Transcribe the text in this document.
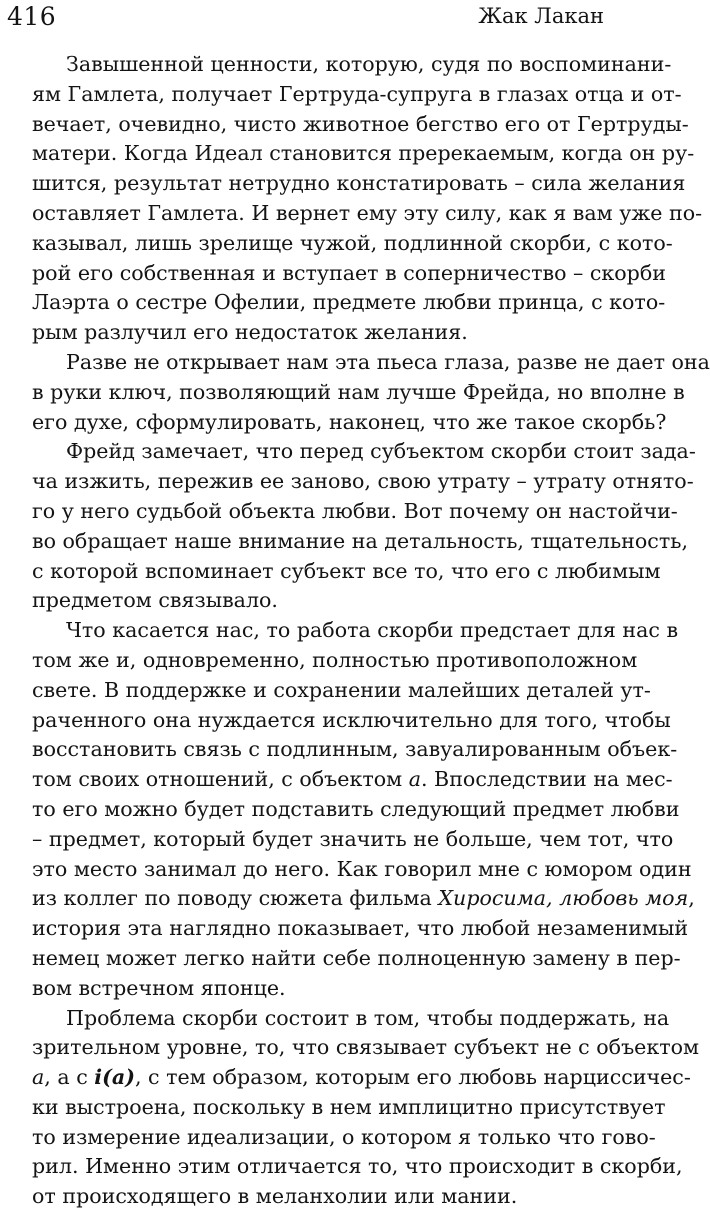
416	Жак Лакан
Завышенной ценности, которую, судя по воспоминани-
ям Гамлета, получает Гертруда-супруга в глазах отца и от-
вечает, очевидно, чисто животное бегство его от Гертруды-
матери. Когда Идеал становится пререкаемым, когда он ру-
шится, результат нетрудно констатировать – сила желания
оставляет Гамлета. И вернет ему эту силу, как я вам уже по-
казывал, лишь зрелище чужой, подлинной скорби, с кото-
рой его собственная и вступает в соперничество – скорби
Лаэрта о сестре Офелии, предмете любви принца, с кото-
рым разлучил его недостаток желания.
Разве не открывает нам эта пьеса глаза, разве не дает она
в руки ключ, позволяющий нам лучше Фрейда, но вполне в
его духе, сформулировать, наконец, что же такое скорбь?
Фрейд замечает, что перед субъектом скорби стоит зада-
ча изжить, пережив ее заново, свою утрату – утрату отнято-
го у него судьбой объекта любви. Вот почему он настойчи-
во обращает наше внимание на детальность, тщательность,
с которой вспоминает субъект все то, что его с любимым
предметом связывало.
Что касается нас, то работа скорби предстает для нас в
том же и, одновременно, полностью противоположном
свете. В поддержке и сохранении малейших деталей ут-
раченного она нуждается исключительно для того, чтобы
восстановить связь с подлинным, завуалированным объек-
том своих отношений, с объектом а. Впоследствии на мес-
то его можно будет подставить следующий предмет любви
– предмет, который будет значить не больше, чем тот, что
это место занимал до него. Как говорил мне с юмором один
из коллег по поводу сюжета фильма Хиросима, любовь моя,
история эта наглядно показывает, что любой незаменимый
немец может легко найти себе полноценную замену в пер-
вом встречном японце.
Проблема скорби состоит в том, чтобы поддержать, на
зрительном уровне, то, что связывает субъект не с объектом
а, а с i(a), с тем образом, которым его любовь нарциссичес-
ки выстроена, поскольку в нем имплицитно присутствует
то измерение идеализации, о котором я только что гово-
рил. Именно этим отличается то, что происходит в скорби,
от происходящего в меланхолии или мании.
